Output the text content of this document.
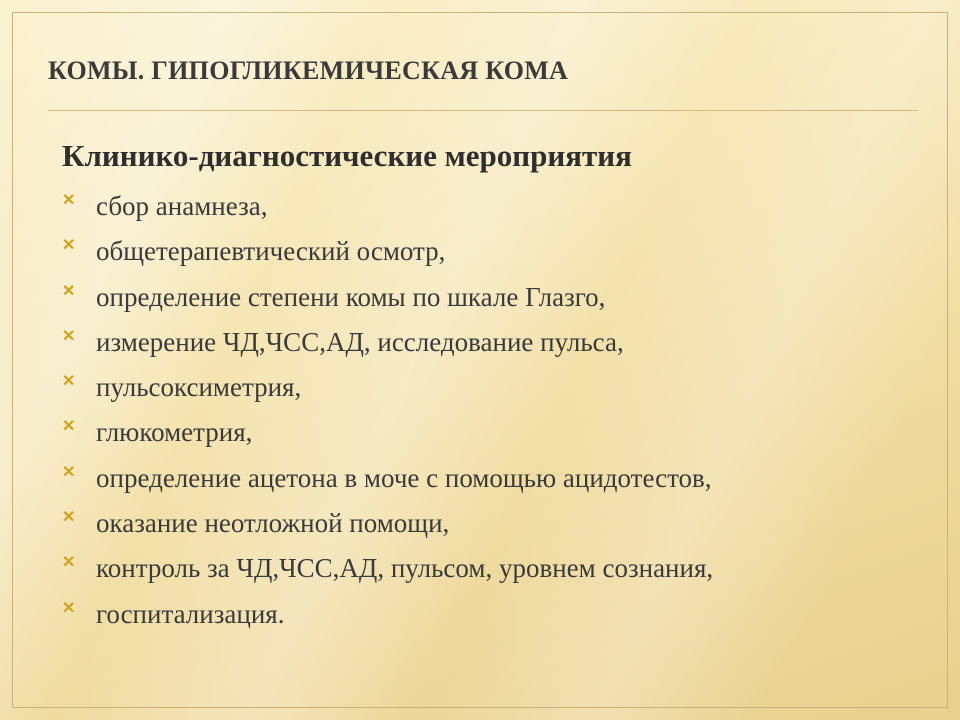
КОМЫ. ГИПОГЛИКЕМИЧЕСКАЯ КОМА
Клинико-диагностические мероприятия
✕ сбор анамнеза,
✕ общетерапевтический осмотр,
✕ определение степени комы по шкале Глазго,
✕ измерение ЧД,ЧСС,АД, исследование пульса,
✕ пульсоксиметрия,
✕ глюкометрия,
✕ определение ацетона в моче с помощью ацидотестов,
✕ оказание неотложной помощи,
✕ контроль за ЧД,ЧСС,АД, пульсом, уровнем сознания,
✕ госпитализация.
